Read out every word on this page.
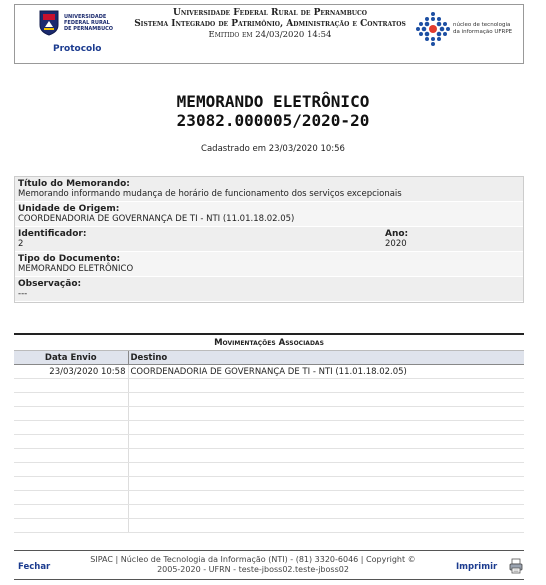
UNIVERSIDADE
FEDERAL RURAL
DE PERNAMBUCO
Protocolo
Universidade Federal Rural de Pernambuco
Sistema Integrado de Patrimônio, Administração e Contratos
Emitido em 24/03/2020 14:54
núcleo de tecnologia
da informação UFRPE
MEMORANDO ELETRÔNICO
23082.000005/2020-20
Cadastrado em 23/03/2020 10:56
Título do Memorando:
Memorando informando mudança de horário de funcionamento dos serviços excepcionais
Unidade de Origem:
COORDENADORIA DE GOVERNANÇA DE TI - NTI (11.01.18.02.05)
Identificador:
2
Ano:
2020
Tipo do Documento:
MEMORANDO ELETRÔNICO
Observação:
---
Movimentações Associadas
Data Envio	Destino
23/03/2020 10:58	COORDENADORIA DE GOVERNANÇA DE TI - NTI (11.01.18.02.05)

Fechar
SIPAC | Núcleo de Tecnologia da Informação (NTI) - (81) 3320-6046 | Copyright ©
2005-2020 - UFRN - teste-jboss02.teste-jboss02	Imprimir
